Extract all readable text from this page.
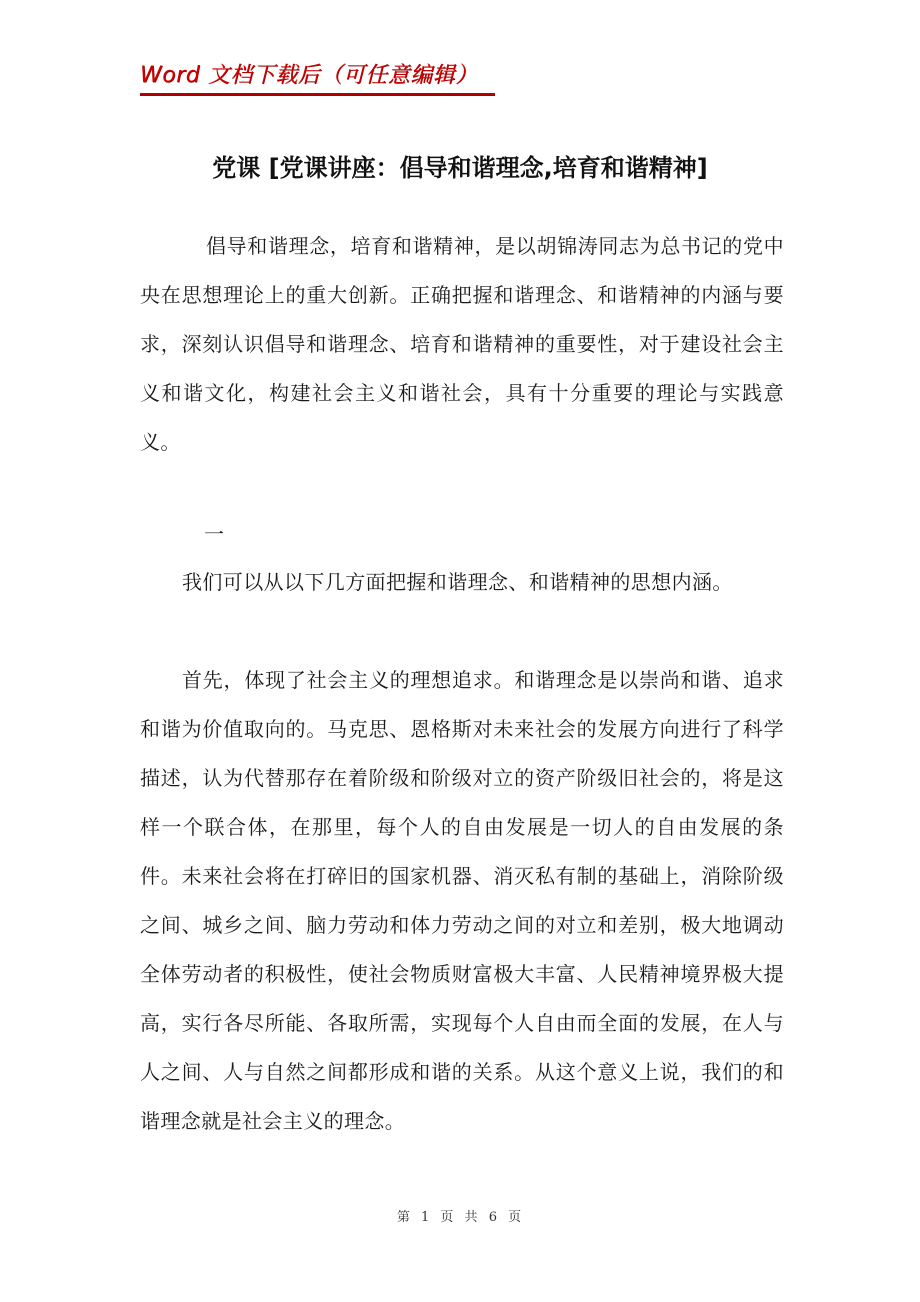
Word 文档下载后（可任意编辑）
党课 [党课讲座：倡导和谐理念,培育和谐精神]

倡导和谐理念，培育和谐精神，是以胡锦涛同志为总书记的党中央在思想理论上的重大创新。正确把握和谐理念、和谐精神的内涵与要求，深刻认识倡导和谐理念、培育和谐精神的重要性，对于建设社会主义和谐文化，构建社会主义和谐社会，具有十分重要的理论与实践意义。

一

我们可以从以下几方面把握和谐理念、和谐精神的思想内涵。

首先，体现了社会主义的理想追求。和谐理念是以崇尚和谐、追求和谐为价值取向的。马克思、恩格斯对未来社会的发展方向进行了科学描述，认为代替那存在着阶级和阶级对立的资产阶级旧社会的，将是这样一个联合体，在那里，每个人的自由发展是一切人的自由发展的条件。未来社会将在打碎旧的国家机器、消灭私有制的基础上，消除阶级之间、城乡之间、脑力劳动和体力劳动之间的对立和差别，极大地调动全体劳动者的积极性，使社会物质财富极大丰富、人民精神境界极大提高，实行各尽所能、各取所需，实现每个人自由而全面的发展，在人与人之间、人与自然之间都形成和谐的关系。从这个意义上说，我们的和谐理念就是社会主义的理念。

第 1 页 共 6 页
